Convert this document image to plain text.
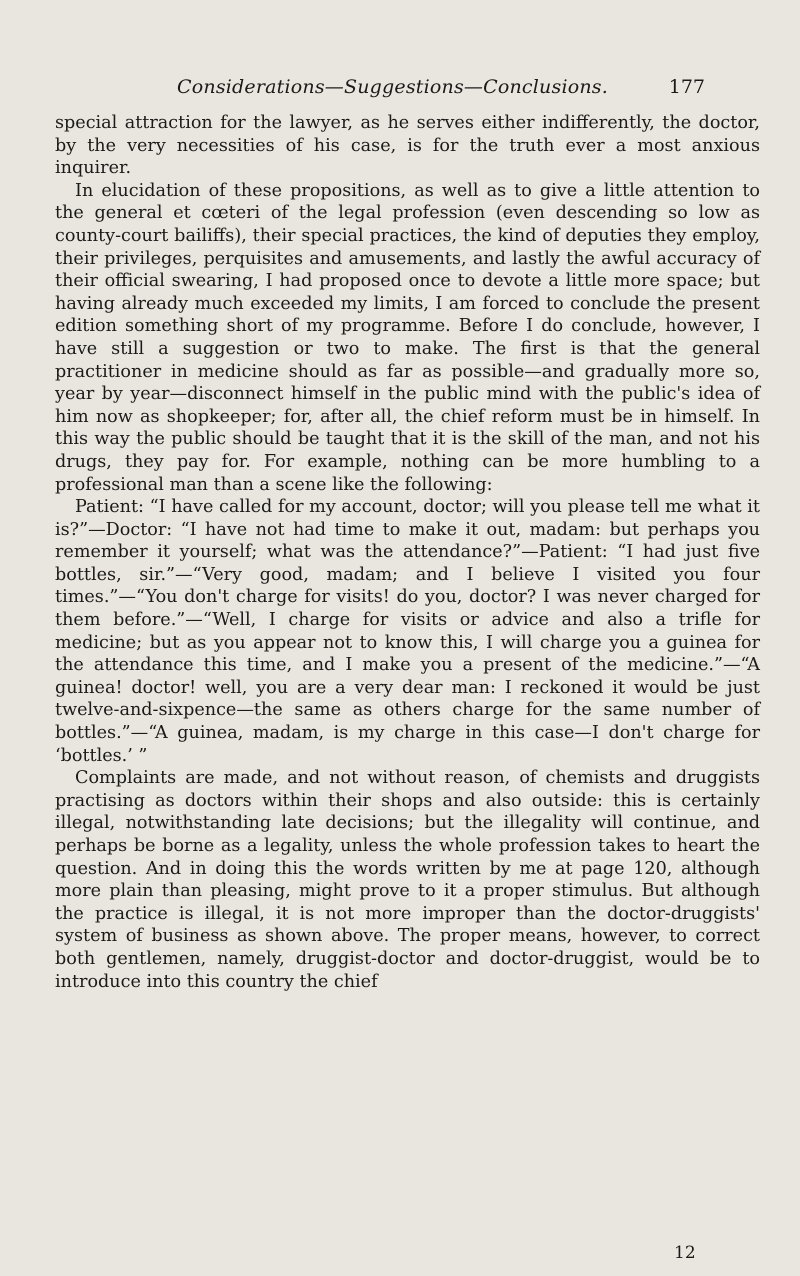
Considerations—Suggestions—Conclusions.	177

special attraction for the lawyer, as he serves either indifferently, the doctor, by the very necessities of his case, is for the truth ever a most anxious inquirer.

In elucidation of these propositions, as well as to give a little attention to the general et cœteri of the legal profession (even descending so low as county-court bailiffs), their special practices, the kind of deputies they employ, their privileges, perquisites and amusements, and lastly the awful accuracy of their official swearing, I had proposed once to devote a little more space; but having already much exceeded my limits, I am forced to conclude the present edition something short of my programme. Before I do conclude, however, I have still a suggestion or two to make. The first is that the general practitioner in medicine should as far as possible—and gradually more so, year by year—disconnect himself in the public mind with the public's idea of him now as shopkeeper; for, after all, the chief reform must be in himself. In this way the public should be taught that it is the skill of the man, and not his drugs, they pay for. For example, nothing can be more humbling to a professional man than a scene like the following:

Patient: “I have called for my account, doctor; will you please tell me what it is?”—Doctor: “I have not had time to make it out, madam: but perhaps you remember it yourself; what was the attendance?”—Patient: “I had just five bottles, sir.”—“Very good, madam; and I believe I visited you four times.”—“You don't charge for visits! do you, doctor? I was never charged for them before.”—“Well, I charge for visits or advice and also a trifle for medicine; but as you appear not to know this, I will charge you a guinea for the attendance this time, and I make you a present of the medicine.”—“A guinea! doctor! well, you are a very dear man: I reckoned it would be just twelve-and-sixpence—the same as others charge for the same number of bottles.”—“A guinea, madam, is my charge in this case—I don't charge for ‘bottles.’ ”

Complaints are made, and not without reason, of chemists and druggists practising as doctors within their shops and also outside: this is certainly illegal, notwithstanding late decisions; but the illegality will continue, and perhaps be borne as a legality, unless the whole profession takes to heart the question. And in doing this the words written by me at page 120, although more plain than pleasing, might prove to it a proper stimulus. But although the practice is illegal, it is not more improper than the doctor-druggists' system of business as shown above. The proper means, however, to correct both gentlemen, namely, druggist-doctor and doctor-druggist, would be to introduce into this country the chief

12
